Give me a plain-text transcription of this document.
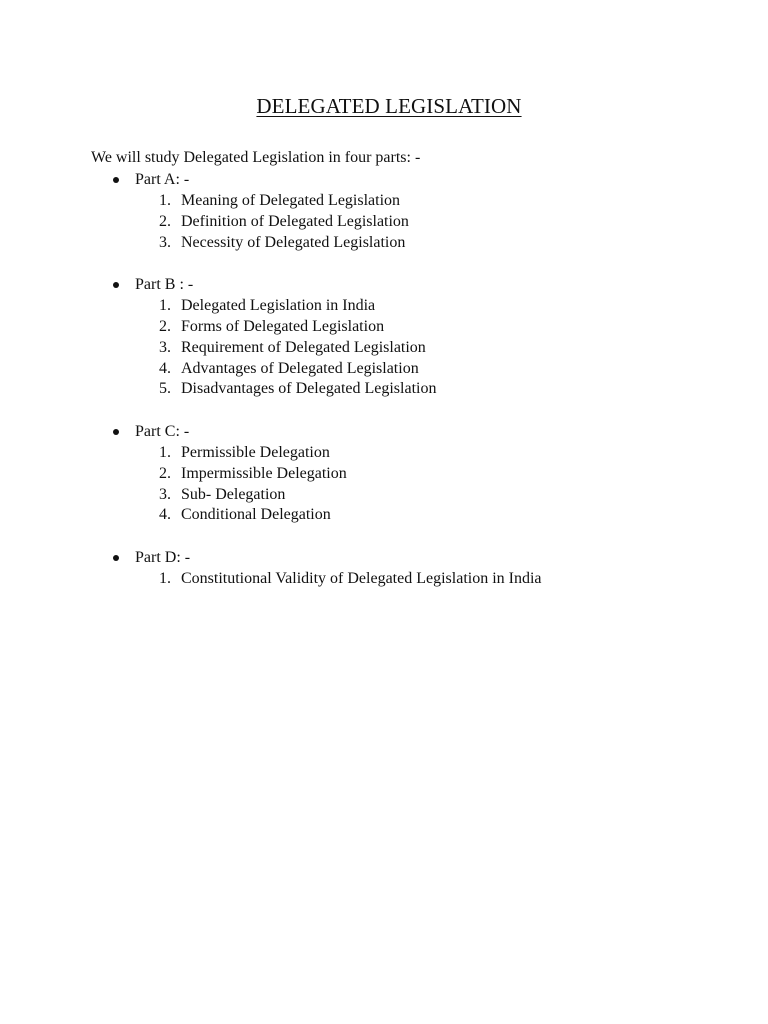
DELEGATED LEGISLATION

We will study Delegated Legislation in four parts: -

Part A: -
1. Meaning of Delegated Legislation
2. Definition of Delegated Legislation
3. Necessity of Delegated Legislation
Part B : -
1. Delegated Legislation in India
2. Forms of Delegated Legislation
3. Requirement of Delegated Legislation
4. Advantages of Delegated Legislation
5. Disadvantages of Delegated Legislation
Part C: -
1. Permissible Delegation
2. Impermissible Delegation
3. Sub- Delegation
4. Conditional Delegation
Part D: -
1. Constitutional Validity of Delegated Legislation in India
